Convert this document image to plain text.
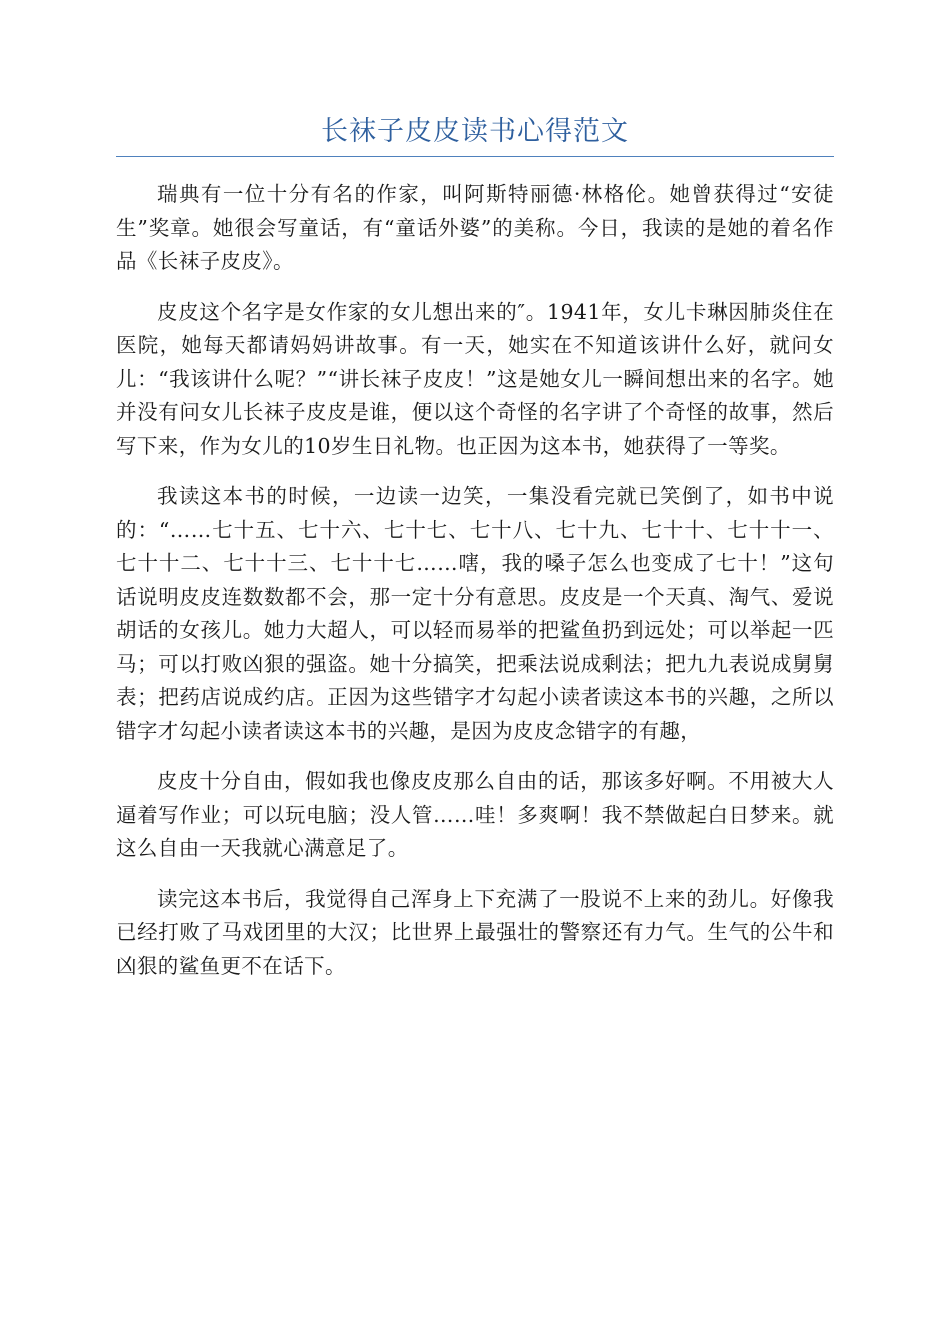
长袜子皮皮读书心得范文

瑞典有一位十分有名的作家，叫阿斯特丽德·林格伦。她曾获得过“安徒生”奖章。她很会写童话，有“童话外婆”的美称。今日，我读的是她的着名作品《长袜子皮皮》。

皮皮这个名字是女作家的女儿想出来的″。1941年，女儿卡琳因肺炎住在医院，她每天都请妈妈讲故事。有一天，她实在不知道该讲什么好，就问女儿：“我该讲什么呢？”“讲长袜子皮皮！”这是她女儿一瞬间想出来的名字。她并没有问女儿长袜子皮皮是谁，便以这个奇怪的名字讲了个奇怪的故事，然后写下来，作为女儿的10岁生日礼物。也正因为这本书，她获得了一等奖。

我读这本书的时候，一边读一边笑，一集没看完就已笑倒了，如书中说的：“……七十五、七十六、七十七、七十八、七十九、七十十、七十十一、七十十二、七十十三、七十十七……嗐，我的嗓子怎么也变成了七十！”这句话说明皮皮连数数都不会，那一定十分有意思。皮皮是一个天真、淘气、爱说胡话的女孩儿。她力大超人，可以轻而易举的把鲨鱼扔到远处；可以举起一匹马；可以打败凶狠的强盗。她十分搞笑，把乘法说成剩法；把九九表说成舅舅表；把药店说成约店。正因为这些错字才勾起小读者读这本书的兴趣，之所以错字才勾起小读者读这本书的兴趣，是因为皮皮念错字的有趣，

皮皮十分自由，假如我也像皮皮那么自由的话，那该多好啊。不用被大人逼着写作业；可以玩电脑；没人管……哇！多爽啊！我不禁做起白日梦来。就这么自由一天我就心满意足了。

读完这本书后，我觉得自己浑身上下充满了一股说不上来的劲儿。好像我已经打败了马戏团里的大汉；比世界上最强壮的警察还有力气。生气的公牛和凶狠的鲨鱼更不在话下。
